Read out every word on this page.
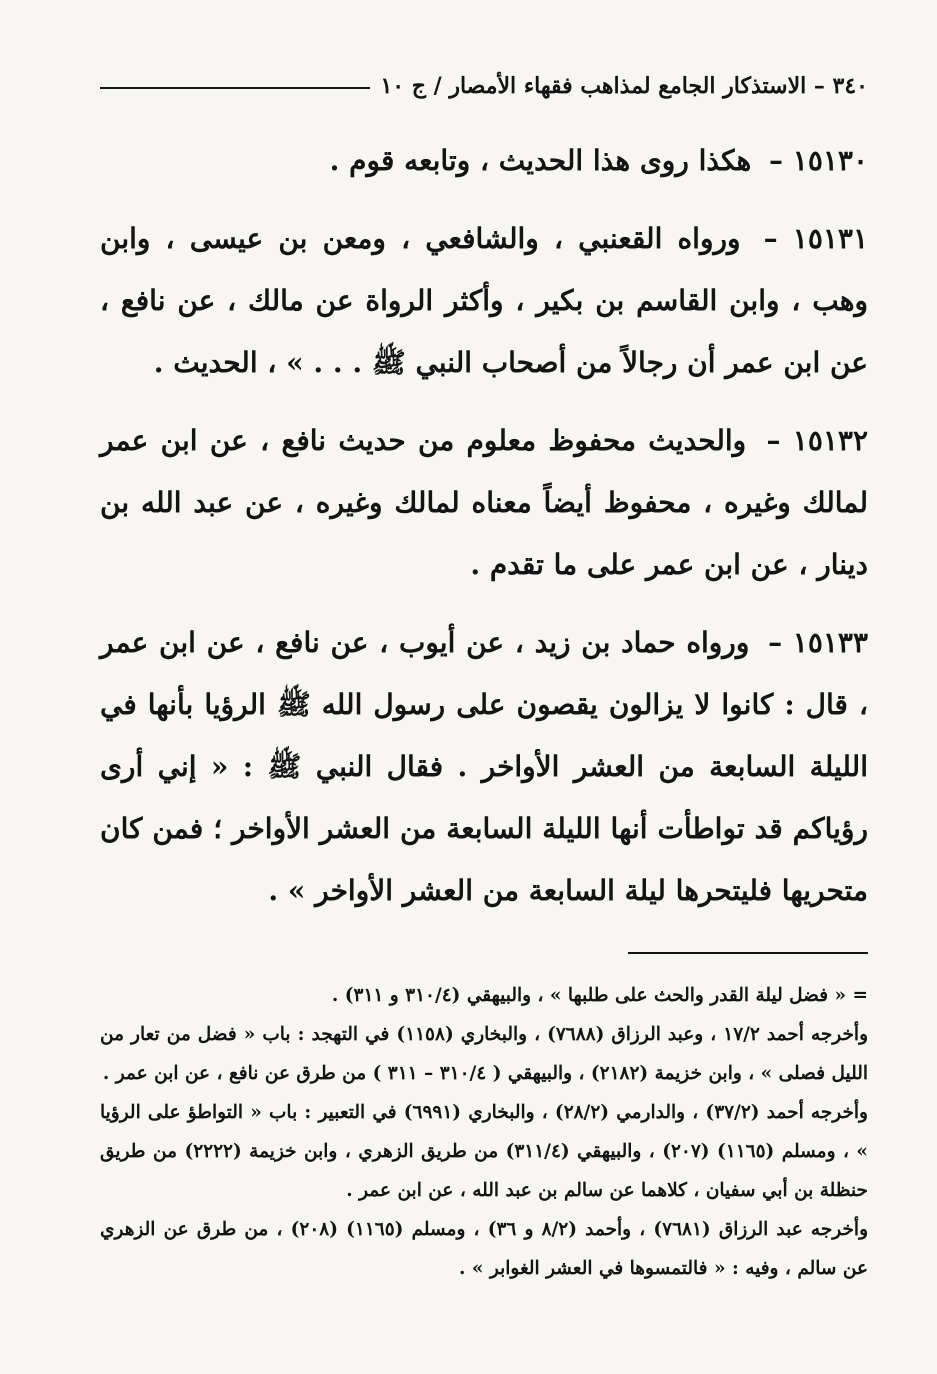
٣٤٠ – الاستذكار الجامع لمذاهب فقهاء الأمصار / ج ١٠

١٥١٣٠ – هكذا روى هذا الحديث ، وتابعه قوم .

١٥١٣١ – ورواه القعنبي ، والشافعي ، ومعن بن عيسى ، وابن وهب ، وابن القاسم بن بكير ، وأكثر الرواة عن مالك ، عن نافع ، عن ابن عمر أن رجالاً من أصحاب النبي ﷺ . . . » ، الحديث .

١٥١٣٢ – والحديث محفوظ معلوم من حديث نافع ، عن ابن عمر لمالك وغيره ، محفوظ أيضاً معناه لمالك وغيره ، عن عبد الله بن دينار ، عن ابن عمر على ما تقدم .

١٥١٣٣ – ورواه حماد بن زيد ، عن أيوب ، عن نافع ، عن ابن عمر ، قال : كانوا لا يزالون يقصون على رسول الله ﷺ الرؤيا بأنها في الليلة السابعة من العشر الأواخر . فقال النبي ﷺ : « إني أرى رؤياكم قد تواطأت أنها الليلة السابعة من العشر الأواخر ؛ فمن كان متحريها فليتحرها ليلة السابعة من العشر الأواخر » .

= « فضل ليلة القدر والحث على طلبها » ، والبيهقي (٣١٠/٤ و ٣١١) .

وأخرجه أحمد ١٧/٢ ، وعبد الرزاق (٧٦٨٨) ، والبخاري (١١٥٨) في التهجد : باب « فضل من تعار من الليل فصلى » ، وابن خزيمة (٢١٨٢) ، والبيهقي ( ٣١٠/٤ – ٣١١ ) من طرق عن نافع ، عن ابن عمر .

وأخرجه أحمد (٣٧/٢) ، والدارمي (٢٨/٢) ، والبخاري (٦٩٩١) في التعبير : باب « التواطؤ على الرؤيا » ، ومسلم (١١٦٥) (٢٠٧) ، والبيهقي (٣١١/٤) من طريق الزهري ، وابن خزيمة (٢٢٢٢) من طريق حنظلة بن أبي سفيان ، كلاهما عن سالم بن عبد الله ، عن ابن عمر .

وأخرجه عبد الرزاق (٧٦٨١) ، وأحمد (٨/٢ و ٣٦) ، ومسلم (١١٦٥) (٢٠٨) ، من طرق عن الزهري عن سالم ، وفيه : « فالتمسوها في العشر الغوابر » .
